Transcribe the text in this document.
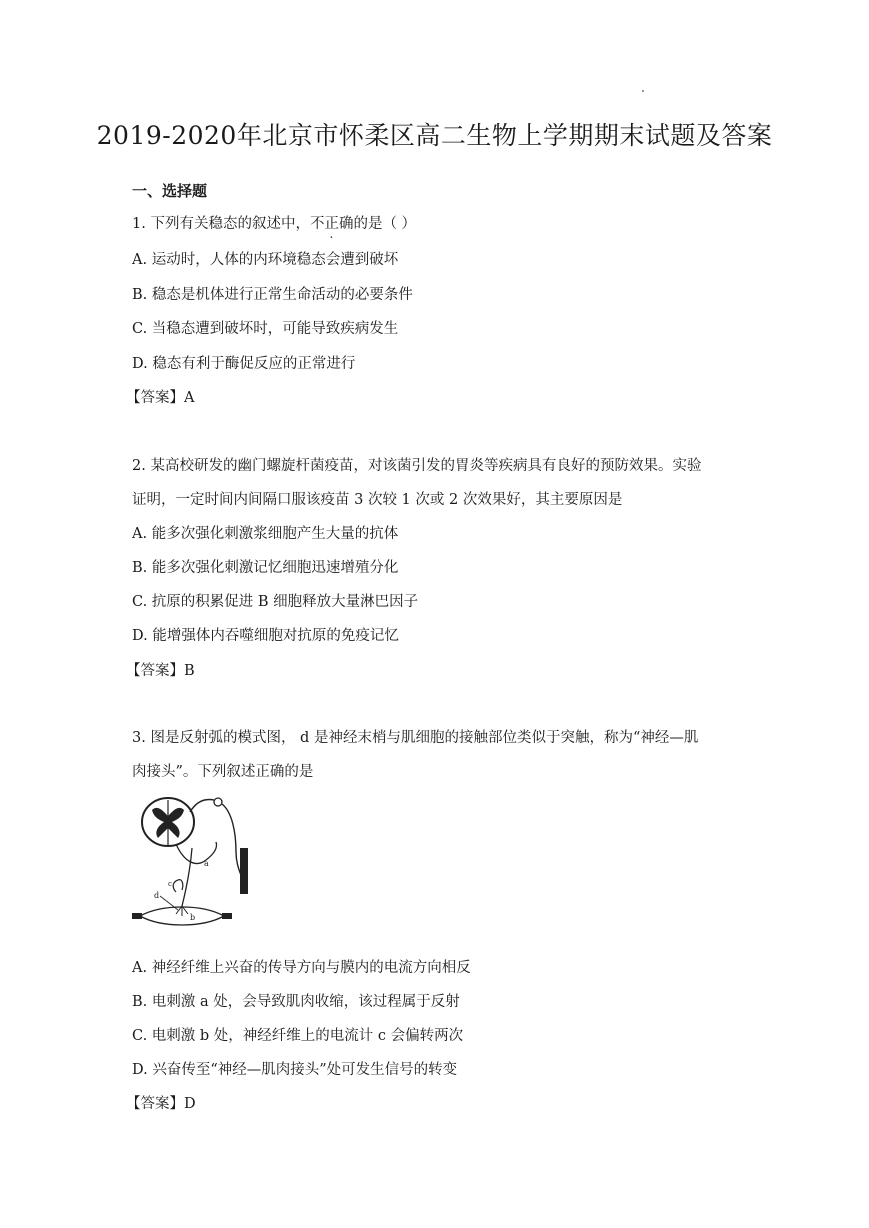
2019-2020年北京市怀柔区高二生物上学期期末试题及答案
一、选择题
1. 下列有关稳态的叙述中，不正确的是（ ）
A. 运动时，人体的内环境稳态会遭到破坏
B. 稳态是机体进行正常生命活动的必要条件
C. 当稳态遭到破坏时，可能导致疾病发生
D. 稳态有利于酶促反应的正常进行
【答案】A
2. 某高校研发的幽门螺旋杆菌疫苗，对该菌引发的胃炎等疾病具有良好的预防效果。实验
证明，一定时间内间隔口服该疫苗 3 次较 1 次或 2 次效果好，其主要原因是
A. 能多次强化刺激浆细胞产生大量的抗体
B. 能多次强化刺激记忆细胞迅速增殖分化
C. 抗原的积累促进 B 细胞释放大量淋巴因子
D. 能增强体内吞噬细胞对抗原的免疫记忆
【答案】B
3. 图是反射弧的模式图， d 是神经末梢与肌细胞的接触部位类似于突触，称为“神经—肌
肉接头”。下列叙述正确的是
a
b
c
d
A. 神经纤维上兴奋的传导方向与膜内的电流方向相反
B. 电刺激 a 处，会导致肌肉收缩，该过程属于反射
C. 电刺激 b 处，神经纤维上的电流计 c 会偏转两次
D. 兴奋传至“神经—肌肉接头”处可发生信号的转变
【答案】D
